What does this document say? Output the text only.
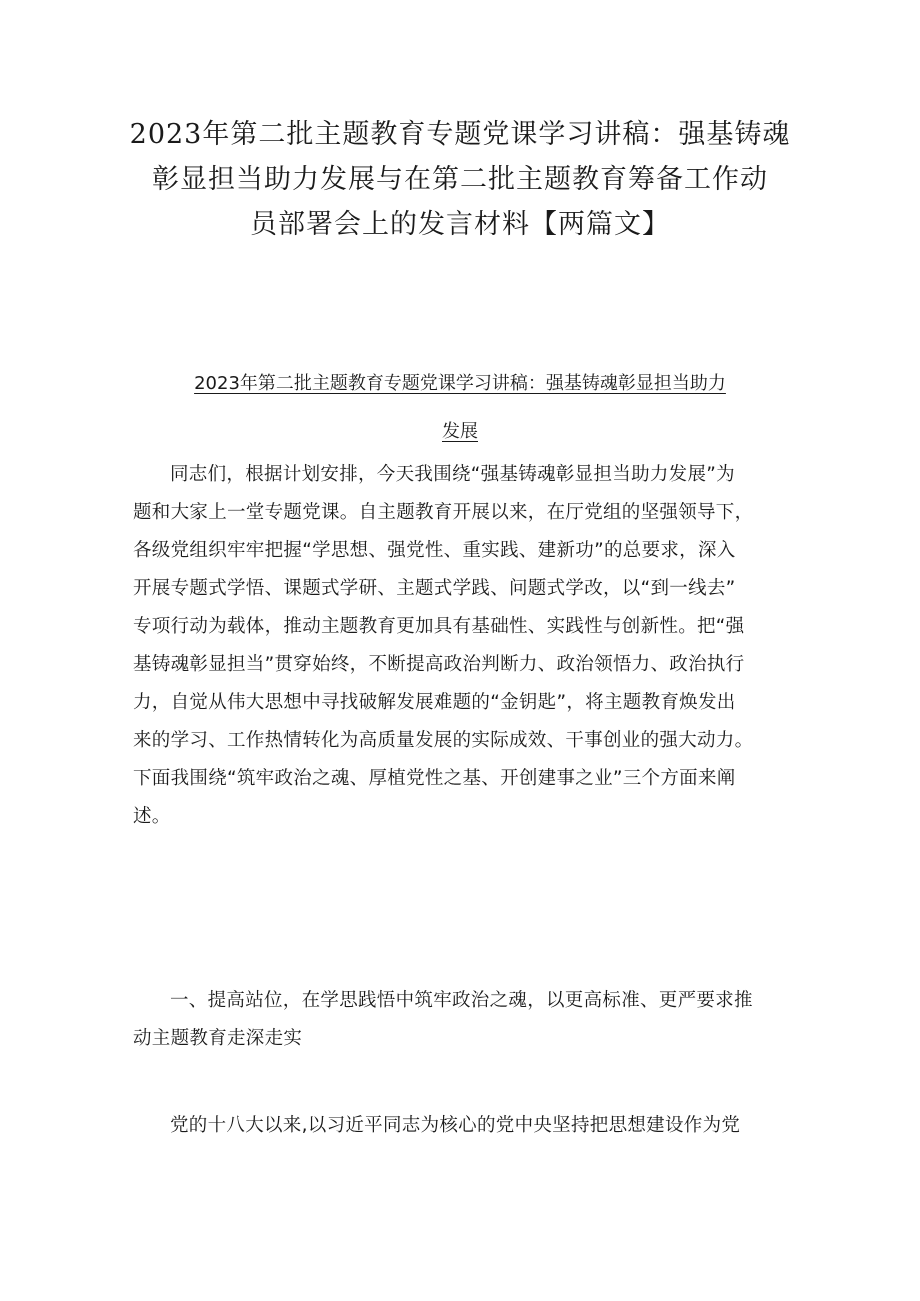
2023年第二批主题教育专题党课学习讲稿：强基铸魂
彰显担当助力发展与在第二批主题教育筹备工作动
员部署会上的发言材料【两篇文】
2023年第二批主题教育专题党课学习讲稿：强基铸魂彰显担当助力
发展
同志们，根据计划安排，今天我围绕“强基铸魂彰显担当助力发展”为
题和大家上一堂专题党课。自主题教育开展以来，在厅党组的坚强领导下，
各级党组织牢牢把握“学思想、强党性、重实践、建新功”的总要求，深入
开展专题式学悟、课题式学研、主题式学践、问题式学改，以“到一线去”
专项行动为载体，推动主题教育更加具有基础性、实践性与创新性。把“强
基铸魂彰显担当”贯穿始终，不断提高政治判断力、政治领悟力、政治执行
力，自觉从伟大思想中寻找破解发展难题的“金钥匙”，将主题教育焕发出
来的学习、工作热情转化为高质量发展的实际成效、干事创业的强大动力。
下面我围绕“筑牢政治之魂、厚植党性之基、开创建事之业”三个方面来阐
述。
一、提高站位，在学思践悟中筑牢政治之魂，以更高标准、更严要求推
动主题教育走深走实
党的十八大以来,以习近平同志为核心的党中央坚持把思想建设作为党
